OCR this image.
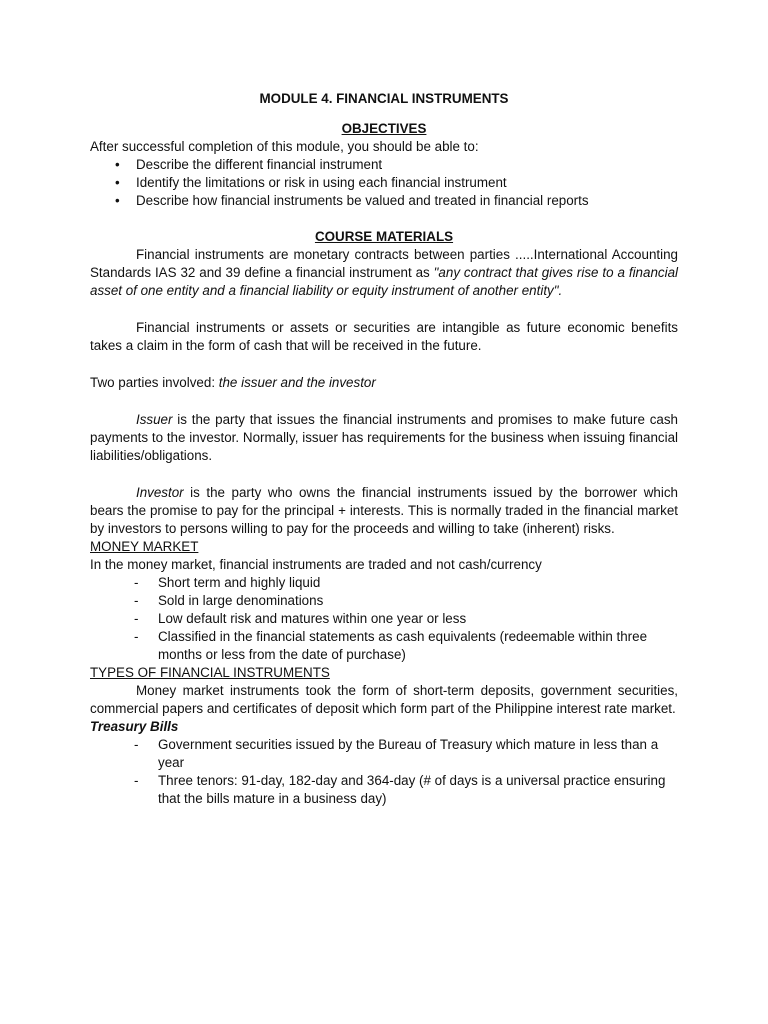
MODULE 4. FINANCIAL INSTRUMENTS

OBJECTIVES

After successful completion of this module, you should be able to:

• Describe the different financial instrument
• Identify the limitations or risk in using each financial instrument
• Describe how financial instruments be valued and treated in financial reports

COURSE MATERIALS

Financial instruments are monetary contracts between parties .....International Accounting Standards IAS 32 and 39 define a financial instrument as "any contract that gives rise to a financial asset of one entity and a financial liability or equity instrument of another entity".

Financial instruments or assets or securities are intangible as future economic benefits takes a claim in the form of cash that will be received in the future.

Two parties involved: the issuer and the investor

Issuer is the party that issues the financial instruments and promises to make future cash payments to the investor. Normally, issuer has requirements for the business when issuing financial liabilities/obligations.

Investor is the party who owns the financial instruments issued by the borrower which bears the promise to pay for the principal + interests. This is normally traded in the financial market by investors to persons willing to pay for the proceeds and willing to take (inherent) risks.

MONEY MARKET

In the money market, financial instruments are traded and not cash/currency

- Short term and highly liquid
- Sold in large denominations
- Low default risk and matures within one year or less
- Classified in the financial statements as cash equivalents (redeemable within three months or less from the date of purchase)

TYPES OF FINANCIAL INSTRUMENTS

Money market instruments took the form of short-term deposits, government securities, commercial papers and certificates of deposit which form part of the Philippine interest rate market.

Treasury Bills

- Government securities issued by the Bureau of Treasury which mature in less than a year
- Three tenors: 91-day, 182-day and 364-day (# of days is a universal practice ensuring that the bills mature in a business day)
